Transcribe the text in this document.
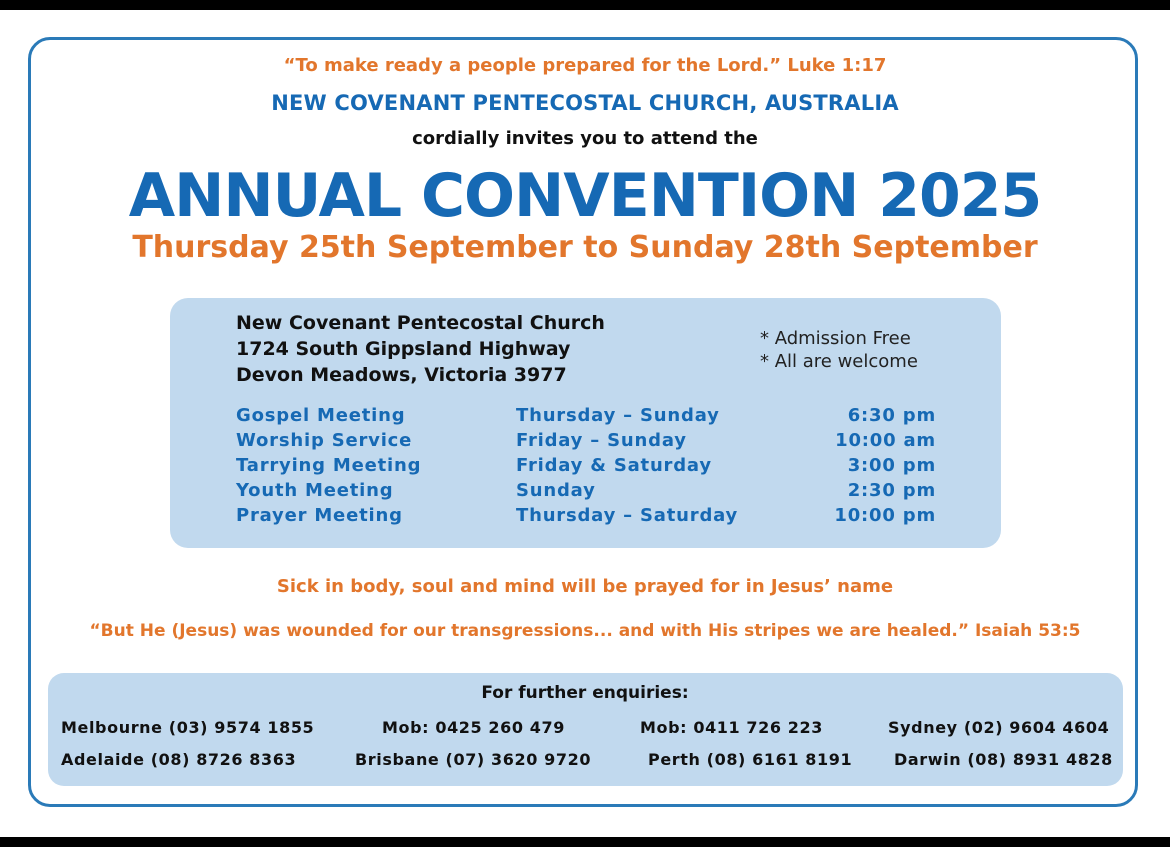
“To make ready a people prepared for the Lord.” Luke 1:17
NEW COVENANT PENTECOSTAL CHURCH, AUSTRALIA
cordially invites you to attend the
ANNUAL CONVENTION 2025
Thursday 25th September to Sunday 28th September
New Covenant Pentecostal Church
1724 South Gippsland Highway
Devon Meadows, Victoria 3977
* Admission Free
* All are welcome
Gospel Meeting	Thursday – Sunday	6:30 pm
Worship Service	Friday – Sunday	10:00 am
Tarrying Meeting	Friday & Saturday	3:00 pm
Youth Meeting	Sunday	2:30 pm
Prayer Meeting	Thursday – Saturday	10:00 pm
Sick in body, soul and mind will be prayed for in Jesus’ name
“But He (Jesus) was wounded for our transgressions... and with His stripes we are healed.” Isaiah 53:5
For further enquiries:
Melbourne (03) 9574 1855	Mob: 0425 260 479	Mob: 0411 726 223	Sydney (02) 9604 4604
Adelaide (08) 8726 8363	Brisbane (07) 3620 9720	Perth (08) 6161 8191	Darwin (08) 8931 4828
